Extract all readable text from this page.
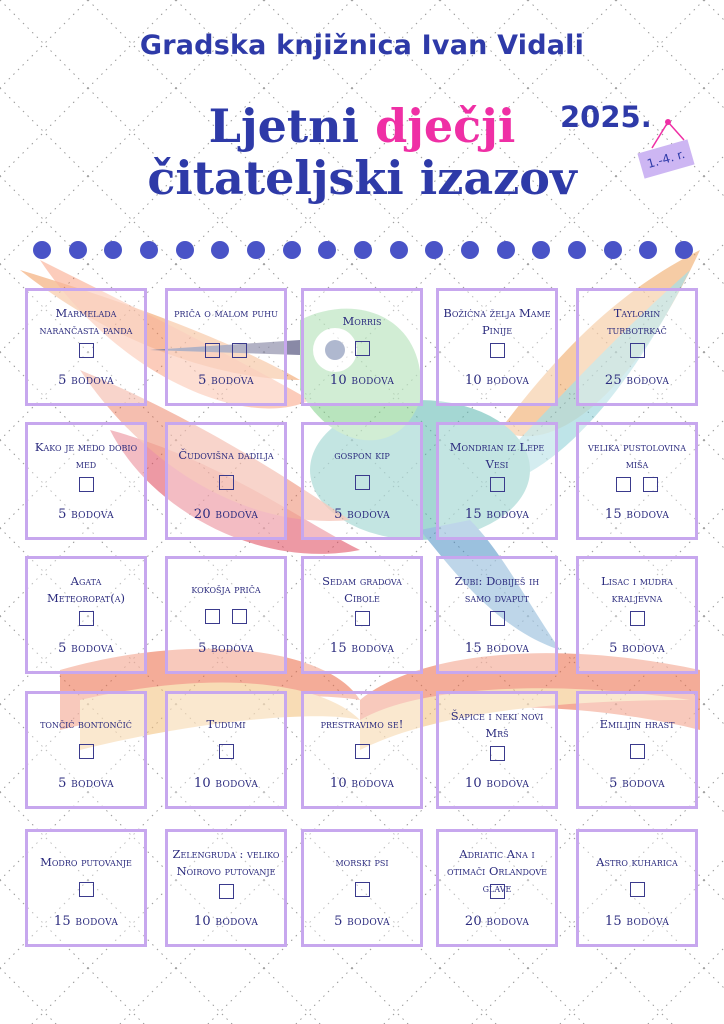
Gradska knjižnica Ivan Vidali
Ljetni dječji
čitateljski izazov
2025.
1.-4. r.
Marmelada narančasta panda
5 bodova
priča o malom puhu
5 bodova
Morris
10 bodova
Božićna želja Mame Pinije
10 bodova
Taylorin turbotrkač
25 bodova
Kako je medo dobio med
5 bodova
Čudovišna dadilja
20 bodova
gospon kip
5 bodova
Mondrian iz Lepe Vesi
15 bodova
velika pustolovina miša
15 bodova
Agata Meteoropat(a)
5 bodova
kokošja priča
5 bodova
Sedam gradova Cibole
15 bodova
Zubi: Dobiješ ih samo dvaput
15 bodova
Lisac i mudra kraljevna
5 bodova
tončić bontončić
5 bodova
Tudumi
10 bodova
prestravimo se!
10 bodova
Šapice i neki novi Mrš
10 bodova
Emilijin hrast
5 bodova
Modro putovanje
15 bodova
Zelengruda : veliko Noirovo putovanje
10 bodova
morski psi
5 bodova
Adriatic Ana i otimači Orlandove glave
20 bodova
Astro kuharica
15 bodova
